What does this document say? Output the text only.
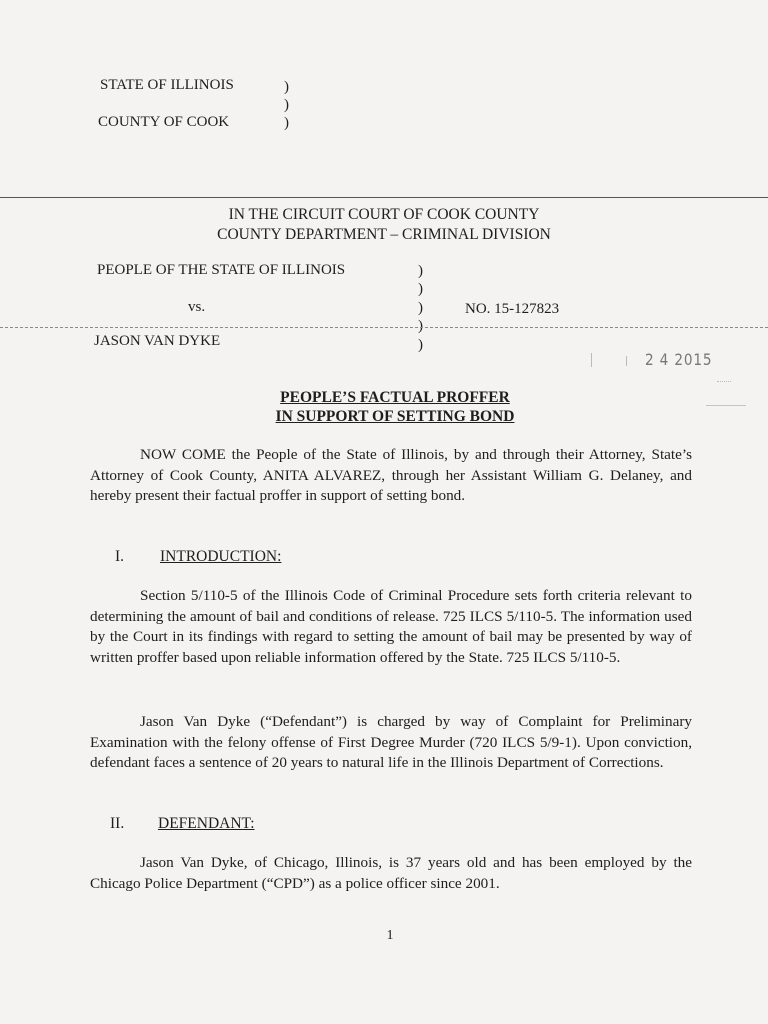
STATE OF ILLINOIS
COUNTY OF COOK
)
)
)
IN THE CIRCUIT COURT OF COOK COUNTY
COUNTY DEPARTMENT – CRIMINAL DIVISION
PEOPLE OF THE STATE OF ILLINOIS
vs.
JASON VAN DYKE
NO. 15-127823
)
)
)
)
)
2 4 2015
PEOPLE’S FACTUAL PROFFER
IN SUPPORT OF SETTING BOND
NOW COME the People of the State of Illinois, by and through their Attorney, State’s Attorney of Cook County, ANITA ALVAREZ, through her Assistant William G. Delaney, and hereby present their factual proffer in support of setting bond.
I. INTRODUCTION:
Section 5/110-5 of the Illinois Code of Criminal Procedure sets forth criteria relevant to determining the amount of bail and conditions of release. 725 ILCS 5/110-5. The information used by the Court in its findings with regard to setting the amount of bail may be presented by way of written proffer based upon reliable information offered by the State. 725 ILCS 5/110-5.
Jason Van Dyke (“Defendant”) is charged by way of Complaint for Preliminary Examination with the felony offense of First Degree Murder (720 ILCS 5/9-1). Upon conviction, defendant faces a sentence of 20 years to natural life in the Illinois Department of Corrections.
II. DEFENDANT:
Jason Van Dyke, of Chicago, Illinois, is 37 years old and has been employed by the Chicago Police Department (“CPD”) as a police officer since 2001.
1
